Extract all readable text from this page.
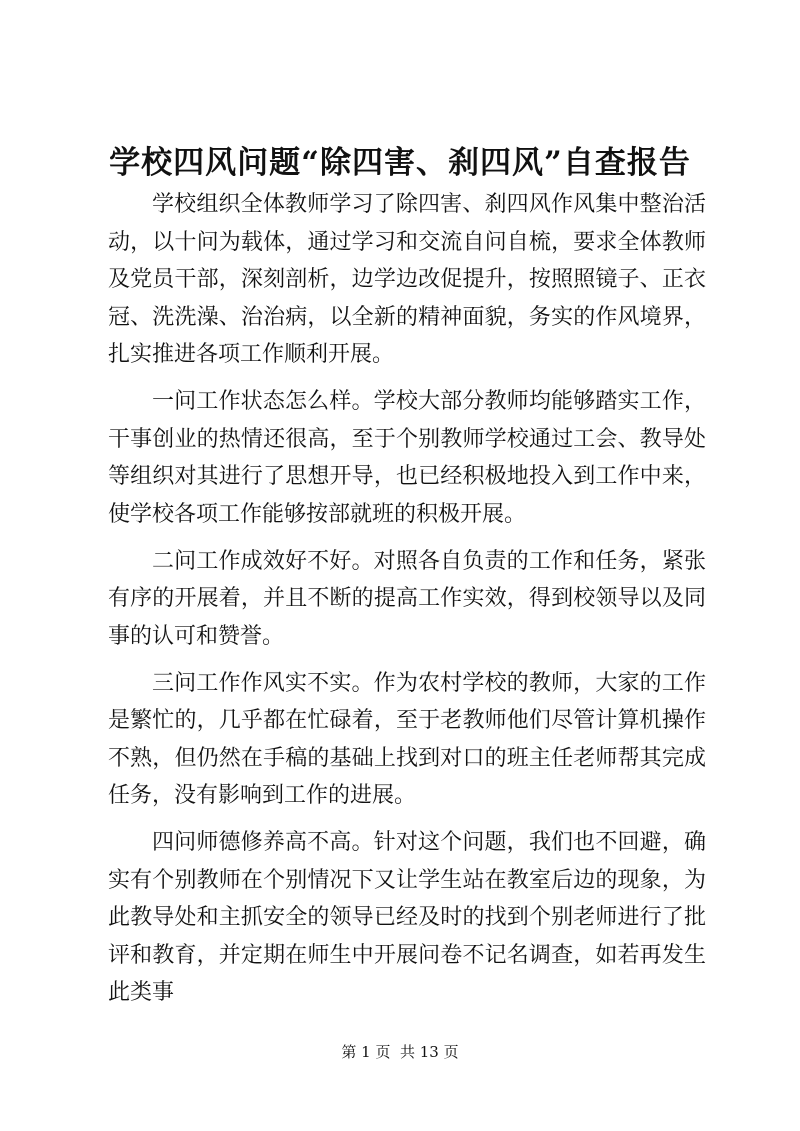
学校四风问题“除四害、刹四风”自查报告

学校组织全体教师学习了除四害、刹四风作风集中整治活动，以十问为载体，通过学习和交流自问自梳，要求全体教师及党员干部，深刻剖析，边学边改促提升，按照照镜子、正衣冠、洗洗澡、治治病，以全新的精神面貌，务实的作风境界，扎实推进各项工作顺利开展。

一问工作状态怎么样。学校大部分教师均能够踏实工作，干事创业的热情还很高，至于个别教师学校通过工会、教导处等组织对其进行了思想开导，也已经积极地投入到工作中来，使学校各项工作能够按部就班的积极开展。

二问工作成效好不好。对照各自负责的工作和任务，紧张有序的开展着，并且不断的提高工作实效，得到校领导以及同事的认可和赞誉。

三问工作作风实不实。作为农村学校的教师，大家的工作是繁忙的，几乎都在忙碌着，至于老教师他们尽管计算机操作不熟，但仍然在手稿的基础上找到对口的班主任老师帮其完成任务，没有影响到工作的进展。

四问师德修养高不高。针对这个问题，我们也不回避，确实有个别教师在个别情况下又让学生站在教室后边的现象，为此教导处和主抓安全的领导已经及时的找到个别老师进行了批评和教育，并定期在师生中开展问卷不记名调查，如若再发生此类事

第 1 页  共 13 页
